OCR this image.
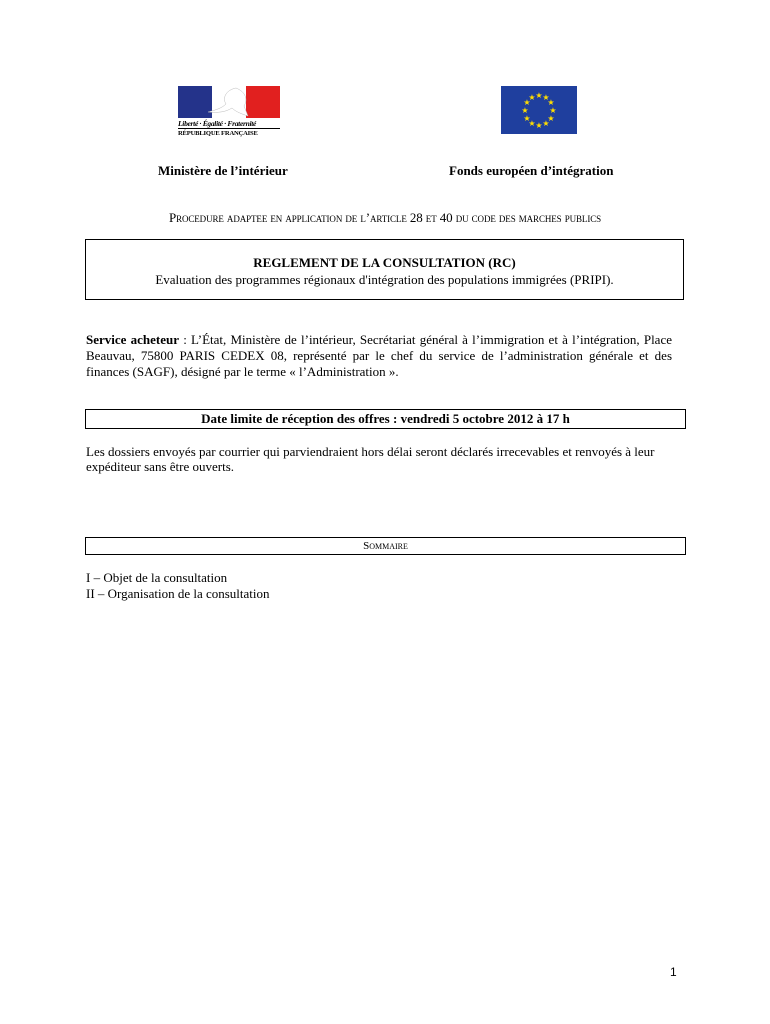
Liberté · Égalité · Fraternité
RÉPUBLIQUE FRANÇAISE
★ ★
★
★
★
★
★
★
★
★
★
★
Ministère de l’intérieur	Fonds européen d’intégration
Procedure adaptee en application de l’article 28 et 40 du code des marches publics
REGLEMENT DE LA CONSULTATION (RC)
Evaluation des programmes régionaux d'intégration des populations immigrées (PRIPI).
Service acheteur : L’État, Ministère de l’intérieur, Secrétariat général à l’immigration et à l’intégration, Place Beauvau, 75800 PARIS CEDEX 08, représenté par le chef du service de l’administration générale et des finances (SAGF), désigné par le terme « l’Administration ».
Date limite de réception des offres : vendredi 5 octobre 2012 à 17 h
Les dossiers envoyés par courrier qui parviendraient hors délai seront déclarés irrecevables et renvoyés à leur expéditeur sans être ouverts.
Sommaire
I – Objet de la consultation
II – Organisation de la consultation
1
